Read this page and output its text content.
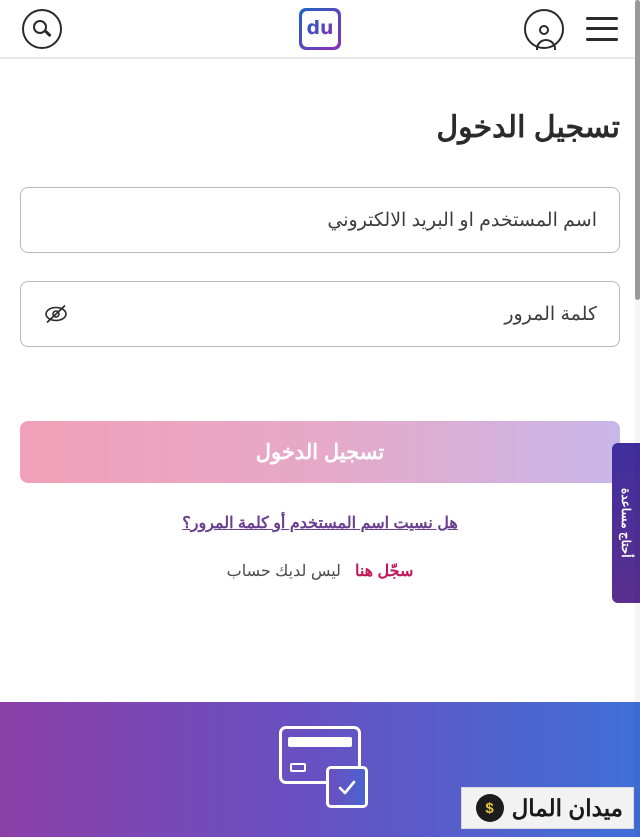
du
تسجيل الدخول
اسم المستخدم او البريد الالكتروني
كلمة المرور
تسجيل الدخول
هل نسيت اسم المستخدم أو كلمة المرور؟
سجّل هنا
ليس لديك حساب
أحتاج مساعدة
ميدان المال
$
